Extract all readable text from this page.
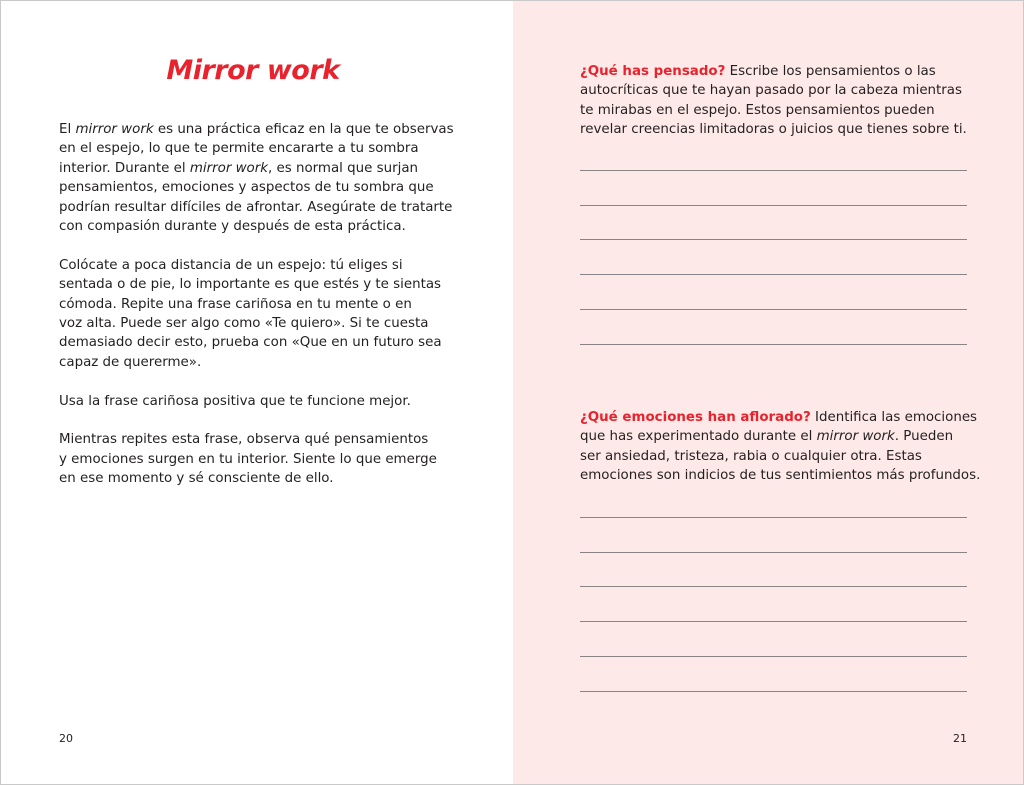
Mirror work

El mirror work es una práctica eficaz en la que te observas
en el espejo, lo que te permite encararte a tu sombra
interior. Durante el mirror work, es normal que surjan
pensamientos, emociones y aspectos de tu sombra que
podrían resultar difíciles de afrontar. Asegúrate de tratarte
con compasión durante y después de esta práctica.

Colócate a poca distancia de un espejo: tú eliges si
sentada o de pie, lo importante es que estés y te sientas
cómoda. Repite una frase cariñosa en tu mente o en
voz alta. Puede ser algo como «Te quiero». Si te cuesta
demasiado decir esto, prueba con «Que en un futuro sea
capaz de quererme».

Usa la frase cariñosa positiva que te funcione mejor.

Mientras repites esta frase, observa qué pensamientos
y emociones surgen en tu interior. Siente lo que emerge
en ese momento y sé consciente de ello.

20
¿Qué has pensado? Escribe los pensamientos o las
autocríticas que te hayan pasado por la cabeza mientras
te mirabas en el espejo. Estos pensamientos pueden
revelar creencias limitadoras o juicios que tienes sobre ti.
¿Qué emociones han aflorado? Identifica las emociones
que has experimentado durante el mirror work. Pueden
ser ansiedad, tristeza, rabia o cualquier otra. Estas
emociones son indicios de tus sentimientos más profundos.
21
